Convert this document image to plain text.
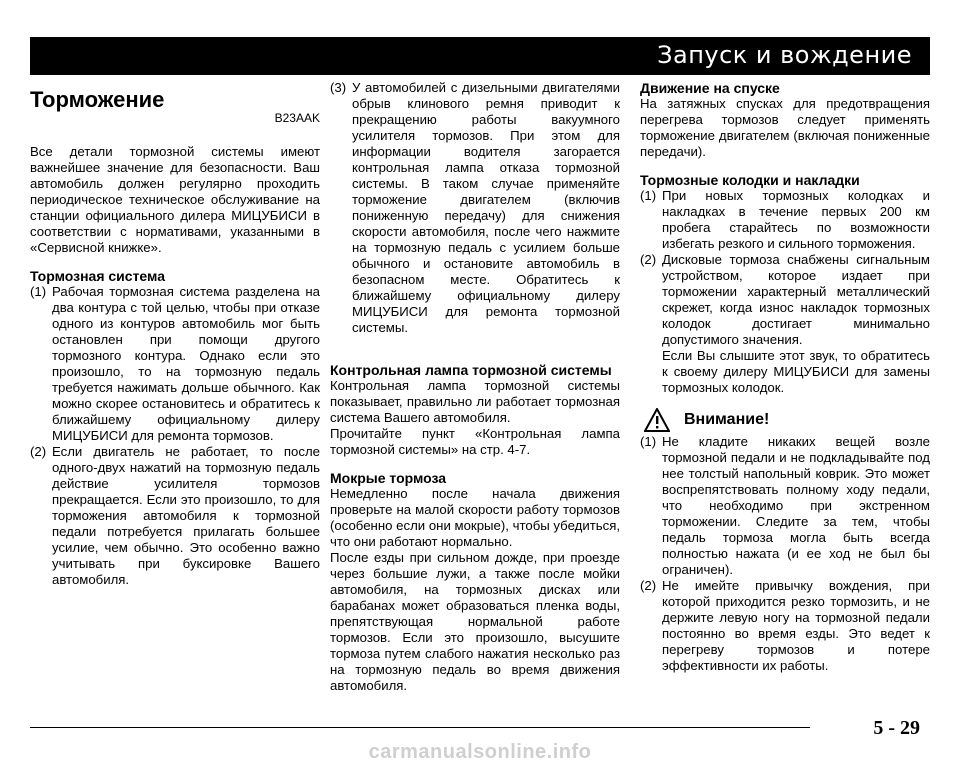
Запуск и вождение
Торможение
B23AAK

Все детали тормозной системы имеют важнейшее значение для безопасности. Ваш автомобиль должен регулярно проходить периодическое техническое обслуживание на станции официального дилера МИЦУБИСИ в соответствии с нормативами, указанными в «Сервисной книжке».

Тормозная система
(1) Рабочая тормозная система разделена на два контура с той целью, чтобы при отказе одного из контуров автомобиль мог быть остановлен при помощи другого тормозного контура. Однако если это произошло, то на тормозную педаль требуется нажимать дольше обычного. Как можно скорее остановитесь и обратитесь к ближайшему официальному дилеру МИЦУБИСИ для ремонта тормозов.
(2) Если двигатель не работает, то после одного-двух нажатий на тормозную педаль действие усилителя тормозов прекращается. Если это произошло, то для торможения автомобиля к тормозной педали потребуется прилагать большее усилие, чем обычно. Это особенно важно учитывать при буксировке Вашего автомобиля.
(3) У автомобилей с дизельными двигателями обрыв клинового ремня приводит к прекращению работы вакуумного усилителя тормозов. При этом для информации водителя загорается контрольная лампа отказа тормозной системы. В таком случае применяйте торможение двигателем (включив пониженную передачу) для снижения скорости автомобиля, после чего нажмите на тормозную педаль с усилием больше обычного и остановите автомобиль в безопасном месте. Обратитесь к ближайшему официальному дилеру МИЦУБИСИ для ремонта тормозной системы.
Контрольная лампа тормозной системы

Контрольная лампа тормозной системы показывает, правильно ли работает тормозная система Вашего автомобиля.

Прочитайте пункт «Контрольная лампа тормозной системы» на стр. 4-7.

Мокрые тормоза

Немедленно после начала движения проверьте на малой скорости работу тормозов (особенно если они мокрые), чтобы убедиться, что они работают нормально.

После езды при сильном дожде, при проезде через большие лужи, а также после мойки автомобиля, на тормозных дисках или барабанах может образоваться пленка воды, препятствующая нормальной работе тормозов. Если это произошло, высушите тормоза путем слабого нажатия несколько раз на тормозную педаль во время движения автомобиля.

Движение на спуске

На затяжных спусках для предотвращения перегрева тормозов следует применять торможение двигателем (включая пониженные передачи).

Тормозные колодки и накладки
(1) При новых тормозных колодках и накладках в течение первых 200 км пробега старайтесь по возможности избегать резкого и сильного торможения.
(2) Дисковые тормоза снабжены сигнальным устройством, которое издает при торможении характерный металлический скрежет, когда износ накладок тормозных колодок достигает минимально допустимого значения.
Если Вы слышите этот звук, то обратитесь к своему дилеру МИЦУБИСИ для замены тормозных колодок.
Внимание!
(1) Не кладите никаких вещей возле тормозной педали и не подкладывайте под нее толстый напольный коврик. Это может воспрепятствовать полному ходу педали, что необходимо при экстренном торможении. Следите за тем, чтобы педаль тормоза могла быть всегда полностью нажата (и ее ход не был бы ограничен).
(2) Не имейте привычку вождения, при которой приходится резко тормозить, и не держите левую ногу на тормозной педали постоянно во время езды. Это ведет к перегреву тормозов и потере эффективности их работы.
5 - 29
carmanualsonline.info
